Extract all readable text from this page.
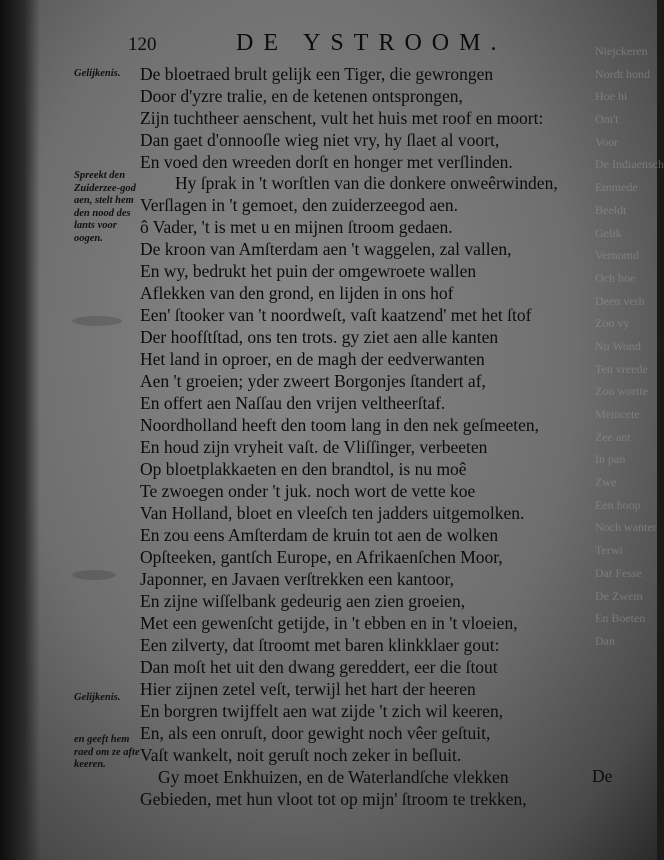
Niejckeren
Nordt hond
Hoe hi
Om't
Voor
De Indiaensch
Emmede
Beeldt
Gelik
Vernomd
Och hoe
Deen verh
Zoo vy
Nu Wond
Ten vreede
Zoo wortte
Meincete
Zee ant
In pan
Zwe
Een hoop
Noch wanter
Terwi
Dat Fesse
De Zwem
En Boeten
Dan
120	DE YSTROOM.
Gelijkenis.
Spreekt den Zuiderzee-god aen, stelt hem den nood des lants voor oogen.
Gelijkenis.
en geeft hem raed om ze afte keeren.
De bloetraed brult gelijk een Tiger, die gewrongen
Door d'yzre tralie, en de ketenen ontsprongen,
Zijn tuchtheer aenschent, vult het huis met roof en moort:
Dan gaet d'onnooſle wieg niet vry, hy ſlaet al voort,
En voed den wreeden dorſt en honger met verſlinden.
Hy ſprak in 't worſtlen van die donkere onweêrwinden,
Verſlagen in 't gemoet, den zuiderzeegod aen.
ô Vader, 't is met u en mijnen ſtroom gedaen.
De kroon van Amſterdam aen 't waggelen, zal vallen,
En wy, bedrukt het puin der omgewroete wallen
Aflekken van den grond, en lijden in ons hof
Een' ſtooker van 't noordweſt, vaſt kaatzend' met het ſtof
Der hoofſtſtad, ons ten trots. gy ziet aen alle kanten
Het land in oproer, en de magh der eedverwanten
Aen 't groeien; yder zweert Borgonjes ſtandert af,
En offert aen Naſſau den vrijen veltheerſtaf.
Noordholland heeft den toom lang in den nek geſmeeten,
En houd zijn vryheit vaſt. de Vliſſinger, verbeeten
Op bloetplakkaeten en den brandtol, is nu moê
Te zwoegen onder 't juk. noch wort de vette koe
Van Holland, bloet en vleeſch ten jadders uitgemolken.
En zou eens Amſterdam de kruin tot aen de wolken
Opſteeken, gantſch Europe, en Afrikaenſchen Moor,
Japonner, en Javaen verſtrekken een kantoor,
En zijne wiſſelbank gedeurig aen zien groeien,
Met een gewenſcht getijde, in 't ebben en in 't vloeien,
Een zilverty, dat ſtroomt met baren klinkklaer gout:
Dan moſt het uit den dwang gereddert, eer die ſtout
Hier zijnen zetel veſt, terwijl het hart der heeren
En borgren twijffelt aen wat zijde 't zich wil keeren,
En, als een onruſt, door gewight noch vêer geſtuit,
Vaſt wankelt, noit geruſt noch zeker in beſluit.
Gy moet Enkhuizen, en de Waterlandſche vlekken
Gebieden, met hun vloot tot op mijn' ſtroom te trekken,
De
